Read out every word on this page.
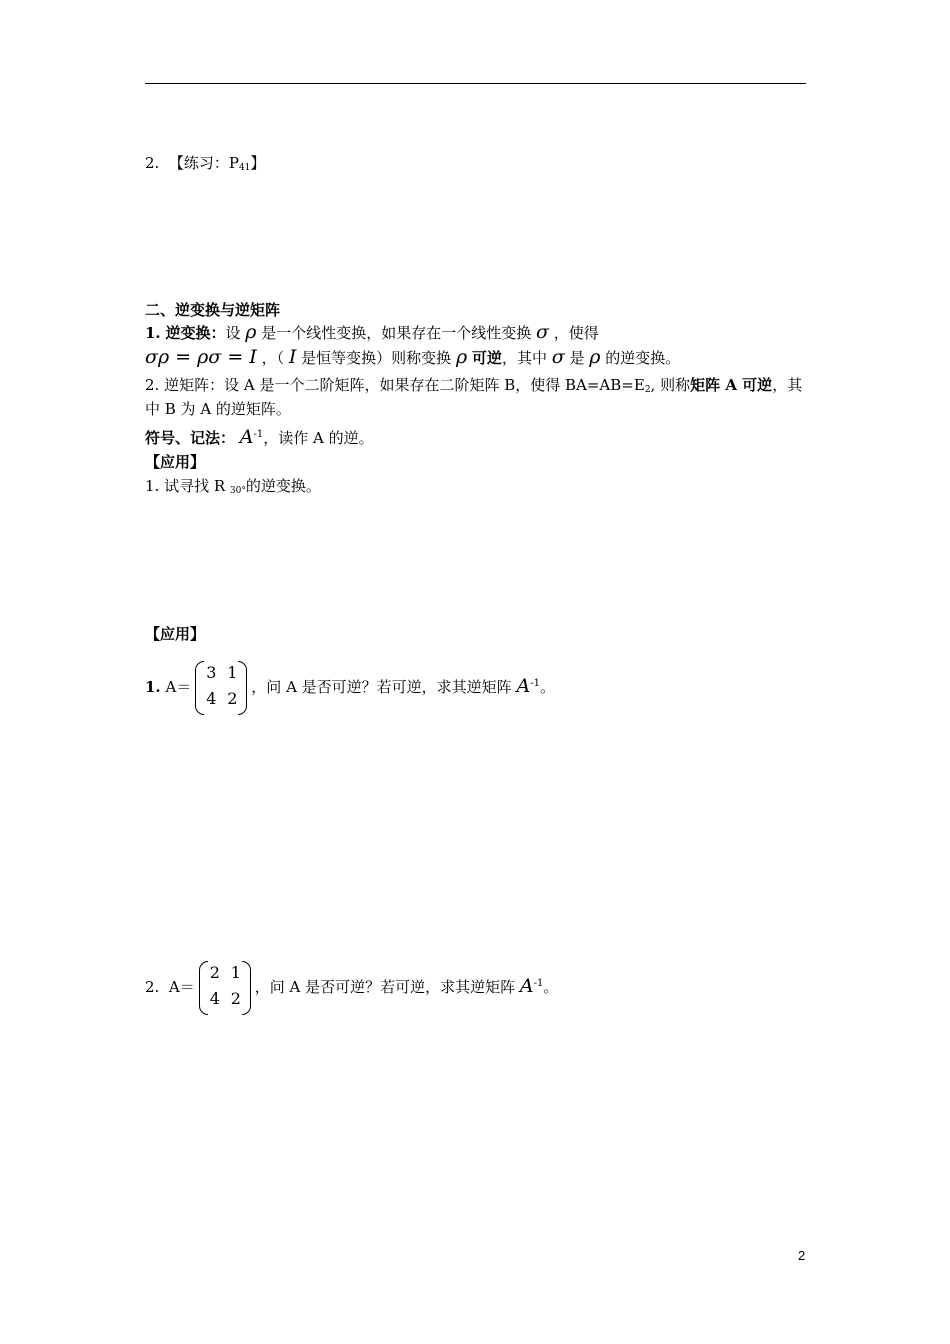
2. 【练习：$P_{41}$】
二、逆变换与逆矩阵
1. 逆变换：设 ρ 是一个线性变换，如果存在一个线性变换 σ ，使得
σρ = ρσ = I ，（ I 是恒等变换）则称变换 ρ 可逆，其中 σ 是 ρ 的逆变换。
2. 逆矩阵：设 A 是一个二阶矩阵，如果存在二阶矩阵 B，使得 $BA=AB=E_2$, 则称矩阵 A 可逆，其
中 B 为 A 的逆矩阵。
符号、记法： $A^{-1}$，读作 A 的逆。
【应用】
1. 试寻找 R $_{30^\circ}$的逆变换。
【应用】
1. A＝
3 1
4 2
，问 A 是否可逆？若可逆，求其逆矩阵 $A^{-1}$。
2. A＝
2 1
4 2
，问 A 是否可逆？若可逆，求其逆矩阵 $A^{-1}$。
2
